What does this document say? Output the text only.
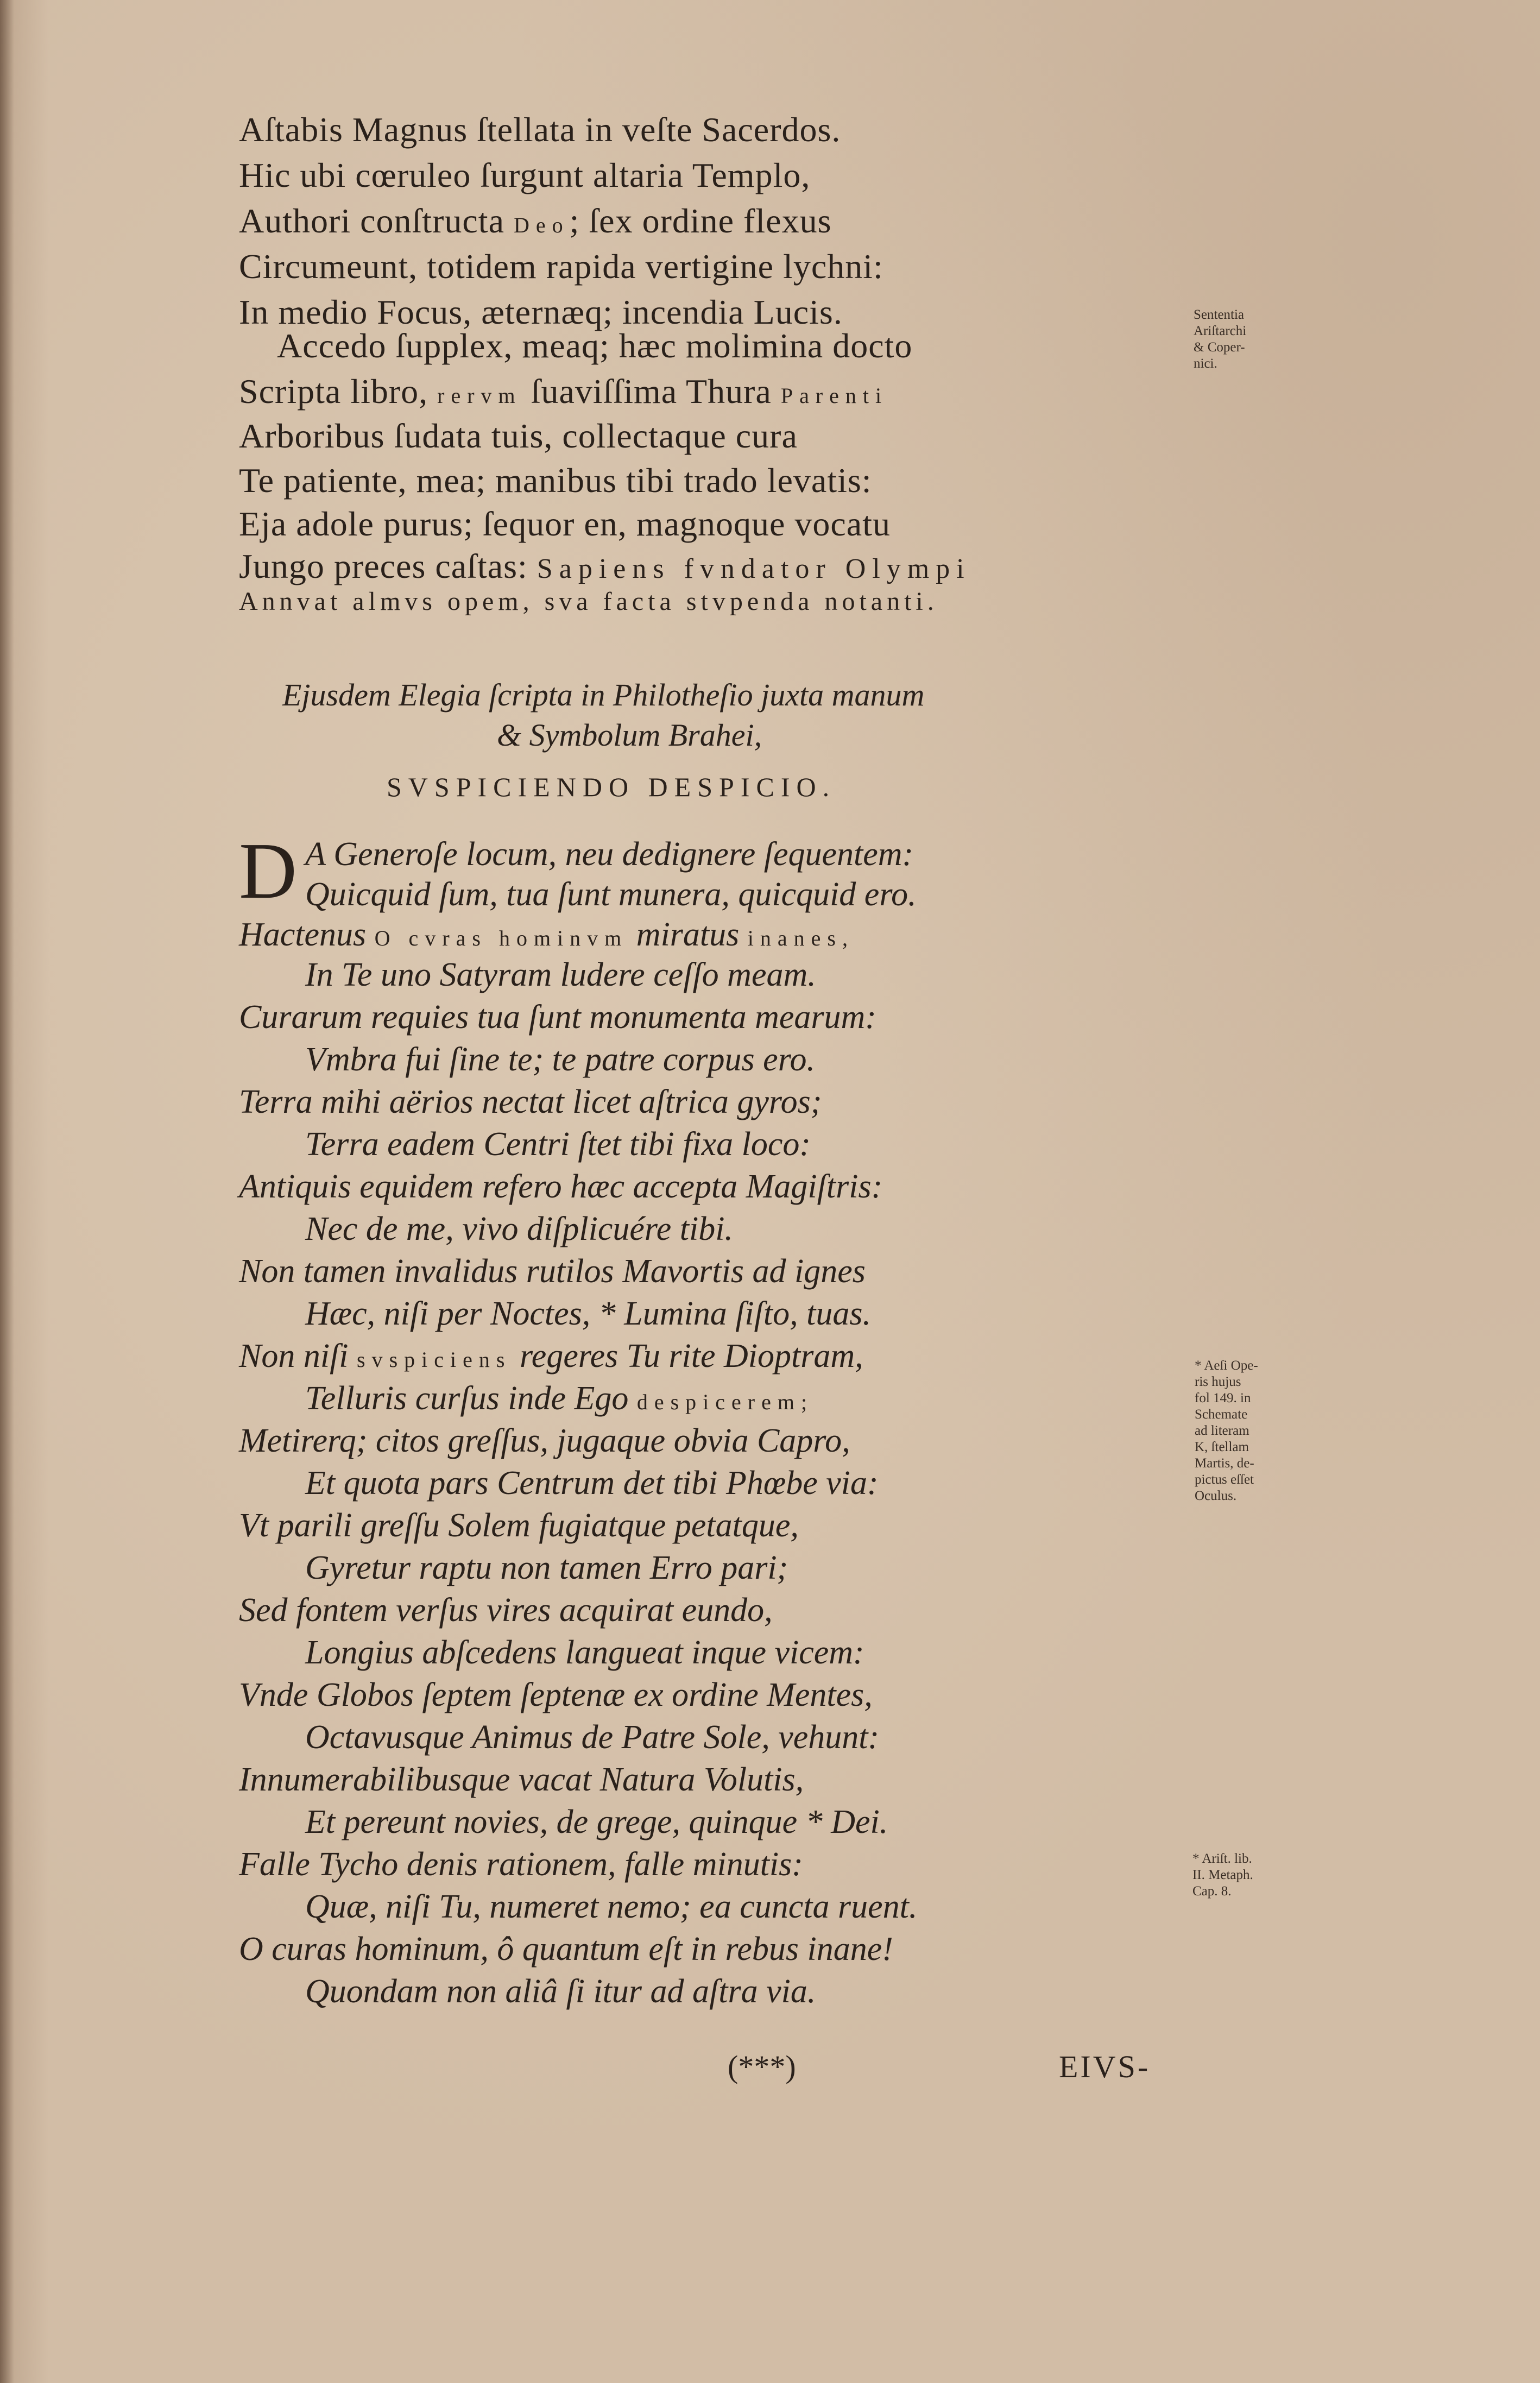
Aſtabis Magnus ſtellata in veſte Sacerdos.
Hic ubi cœruleo ſurgunt altaria Templo,
Authori conſtructa Deo; ſex ordine flexus
Circumeunt, totidem rapida vertigine lychni:
In medio Focus, æternæq; incendia Lucis.
Accedo ſupplex, meaq; hæc molimina docto
Scripta libro, rervm ſuaviſſima Thura Parenti
Arboribus ſudata tuis, collectaque cura
Te patiente, mea; manibus tibi trado levatis:
Eja adole purus; ſequor en, magnoque vocatu
Jungo preces caſtas: Sapiens fvndator Olympi
Annvat almvs opem, sva facta stvpenda notanti.
Ejusdem Elegia ſcripta in Philotheſio juxta manum
& Symbolum Brahei,
SVSPICIENDO DESPICIO.
D A Generoſe locum, neu dedignere ſequentem:
Quicquid ſum, tua ſunt munera, quicquid ero.
Hactenus O cvras hominvm miratus inanes,
In Te uno Satyram ludere ceſſo meam.
Curarum requies tua ſunt monumenta mearum:
Vmbra fui ſine te; te patre corpus ero.
Terra mihi aërios nectat licet aſtrica gyros;
Terra eadem Centri ſtet tibi fixa loco:
Antiquis equidem refero hæc accepta Magiſtris:
Nec de me, vivo diſplicuére tibi.
Non tamen invalidus rutilos Mavortis ad ignes
Hæc, niſi per Noctes, * Lumina ſiſto, tuas.
Non niſi svspiciens regeres Tu rite Dioptram,
Telluris curſus inde Ego despicerem;
Metirerq; citos greſſus, jugaque obvia Capro,
Et quota pars Centrum det tibi Phœbe via:
Vt parili greſſu Solem fugiatque petatque,
Gyretur raptu non tamen Erro pari;
Sed fontem verſus vires acquirat eundo,
Longius abſcedens langueat inque vicem:
Vnde Globos ſeptem ſeptenæ ex ordine Mentes,
Octavusque Animus de Patre Sole, vehunt:
Innumerabilibusque vacat Natura Volutis,
Et pereunt novies, de grege, quinque * Dei.
Falle Tycho denis rationem, falle minutis:
Quæ, niſi Tu, numeret nemo; ea cuncta ruent.
O curas hominum, ô quantum eſt in rebus inane!
Quondam non aliâ ſi itur ad aſtra via.
Sententia
Ariſtarchi
& Coper-
nici.
* Aeſi Ope-
ris hujus
fol 149. in
Schemate
ad literam
K, ſtellam
Martis, de-
pictus eſſet
Oculus.
* Ariſt. lib.
II. Metaph.
Cap. 8.
(***)	EIVS-
